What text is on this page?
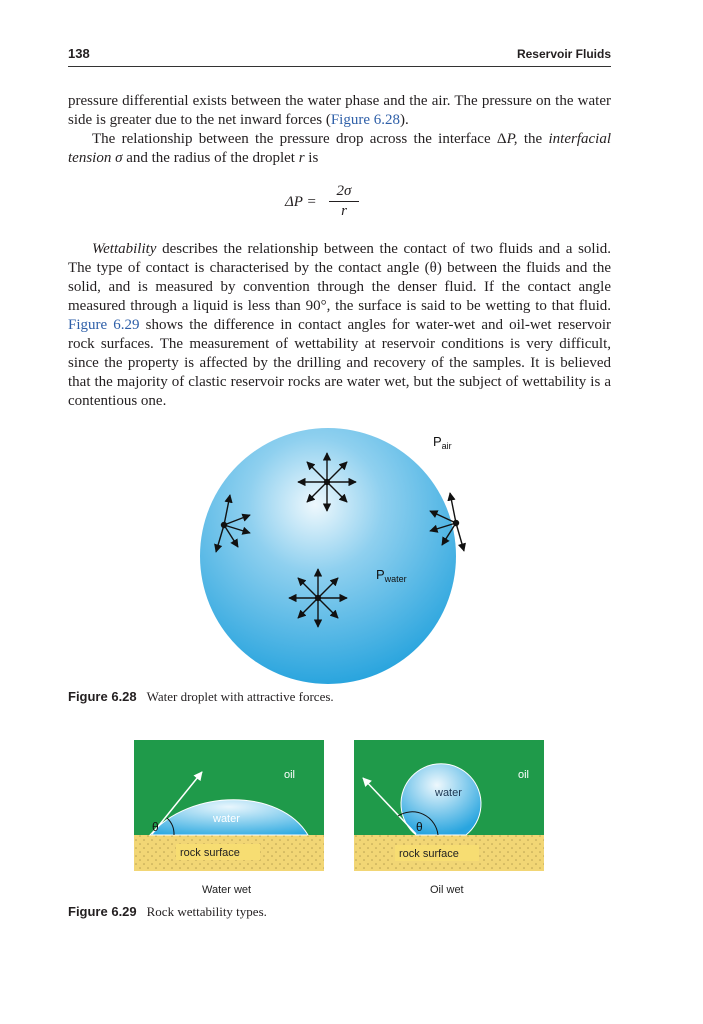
138	Reservoir Fluids

pressure differential exists between the water phase and the air. The pressure on the water side is greater due to the net inward forces (Figure 6.28).

The relationship between the pressure drop across the interface ΔP, the interfacial tension σ and the radius of the droplet r is

ΔP =
2σ
r

Wettability describes the relationship between the contact of two fluids and a solid. The type of contact is characterised by the contact angle (θ) between the fluids and the solid, and is measured by convention through the denser fluid. If the contact angle measured through a liquid is less than 90°, the surface is said to be wetting to that fluid. Figure 6.29 shows the difference in contact angles for water-wet and oil-wet reservoir rock surfaces. The measurement of wettability at reservoir conditions is very difficult, since the property is affected by the drilling and recovery of the samples. It is believed that the majority of clastic reservoir rocks are water wet, but the subject of wettability is a contentious one.

$P_{air}$
$P_{water}$
Figure 6.28 Water droplet with attractive forces.
θ
oil
water
rock surface
Water wet
θ
oil
water
rock surface
Oil wet
Figure 6.29 Rock wettability types.
